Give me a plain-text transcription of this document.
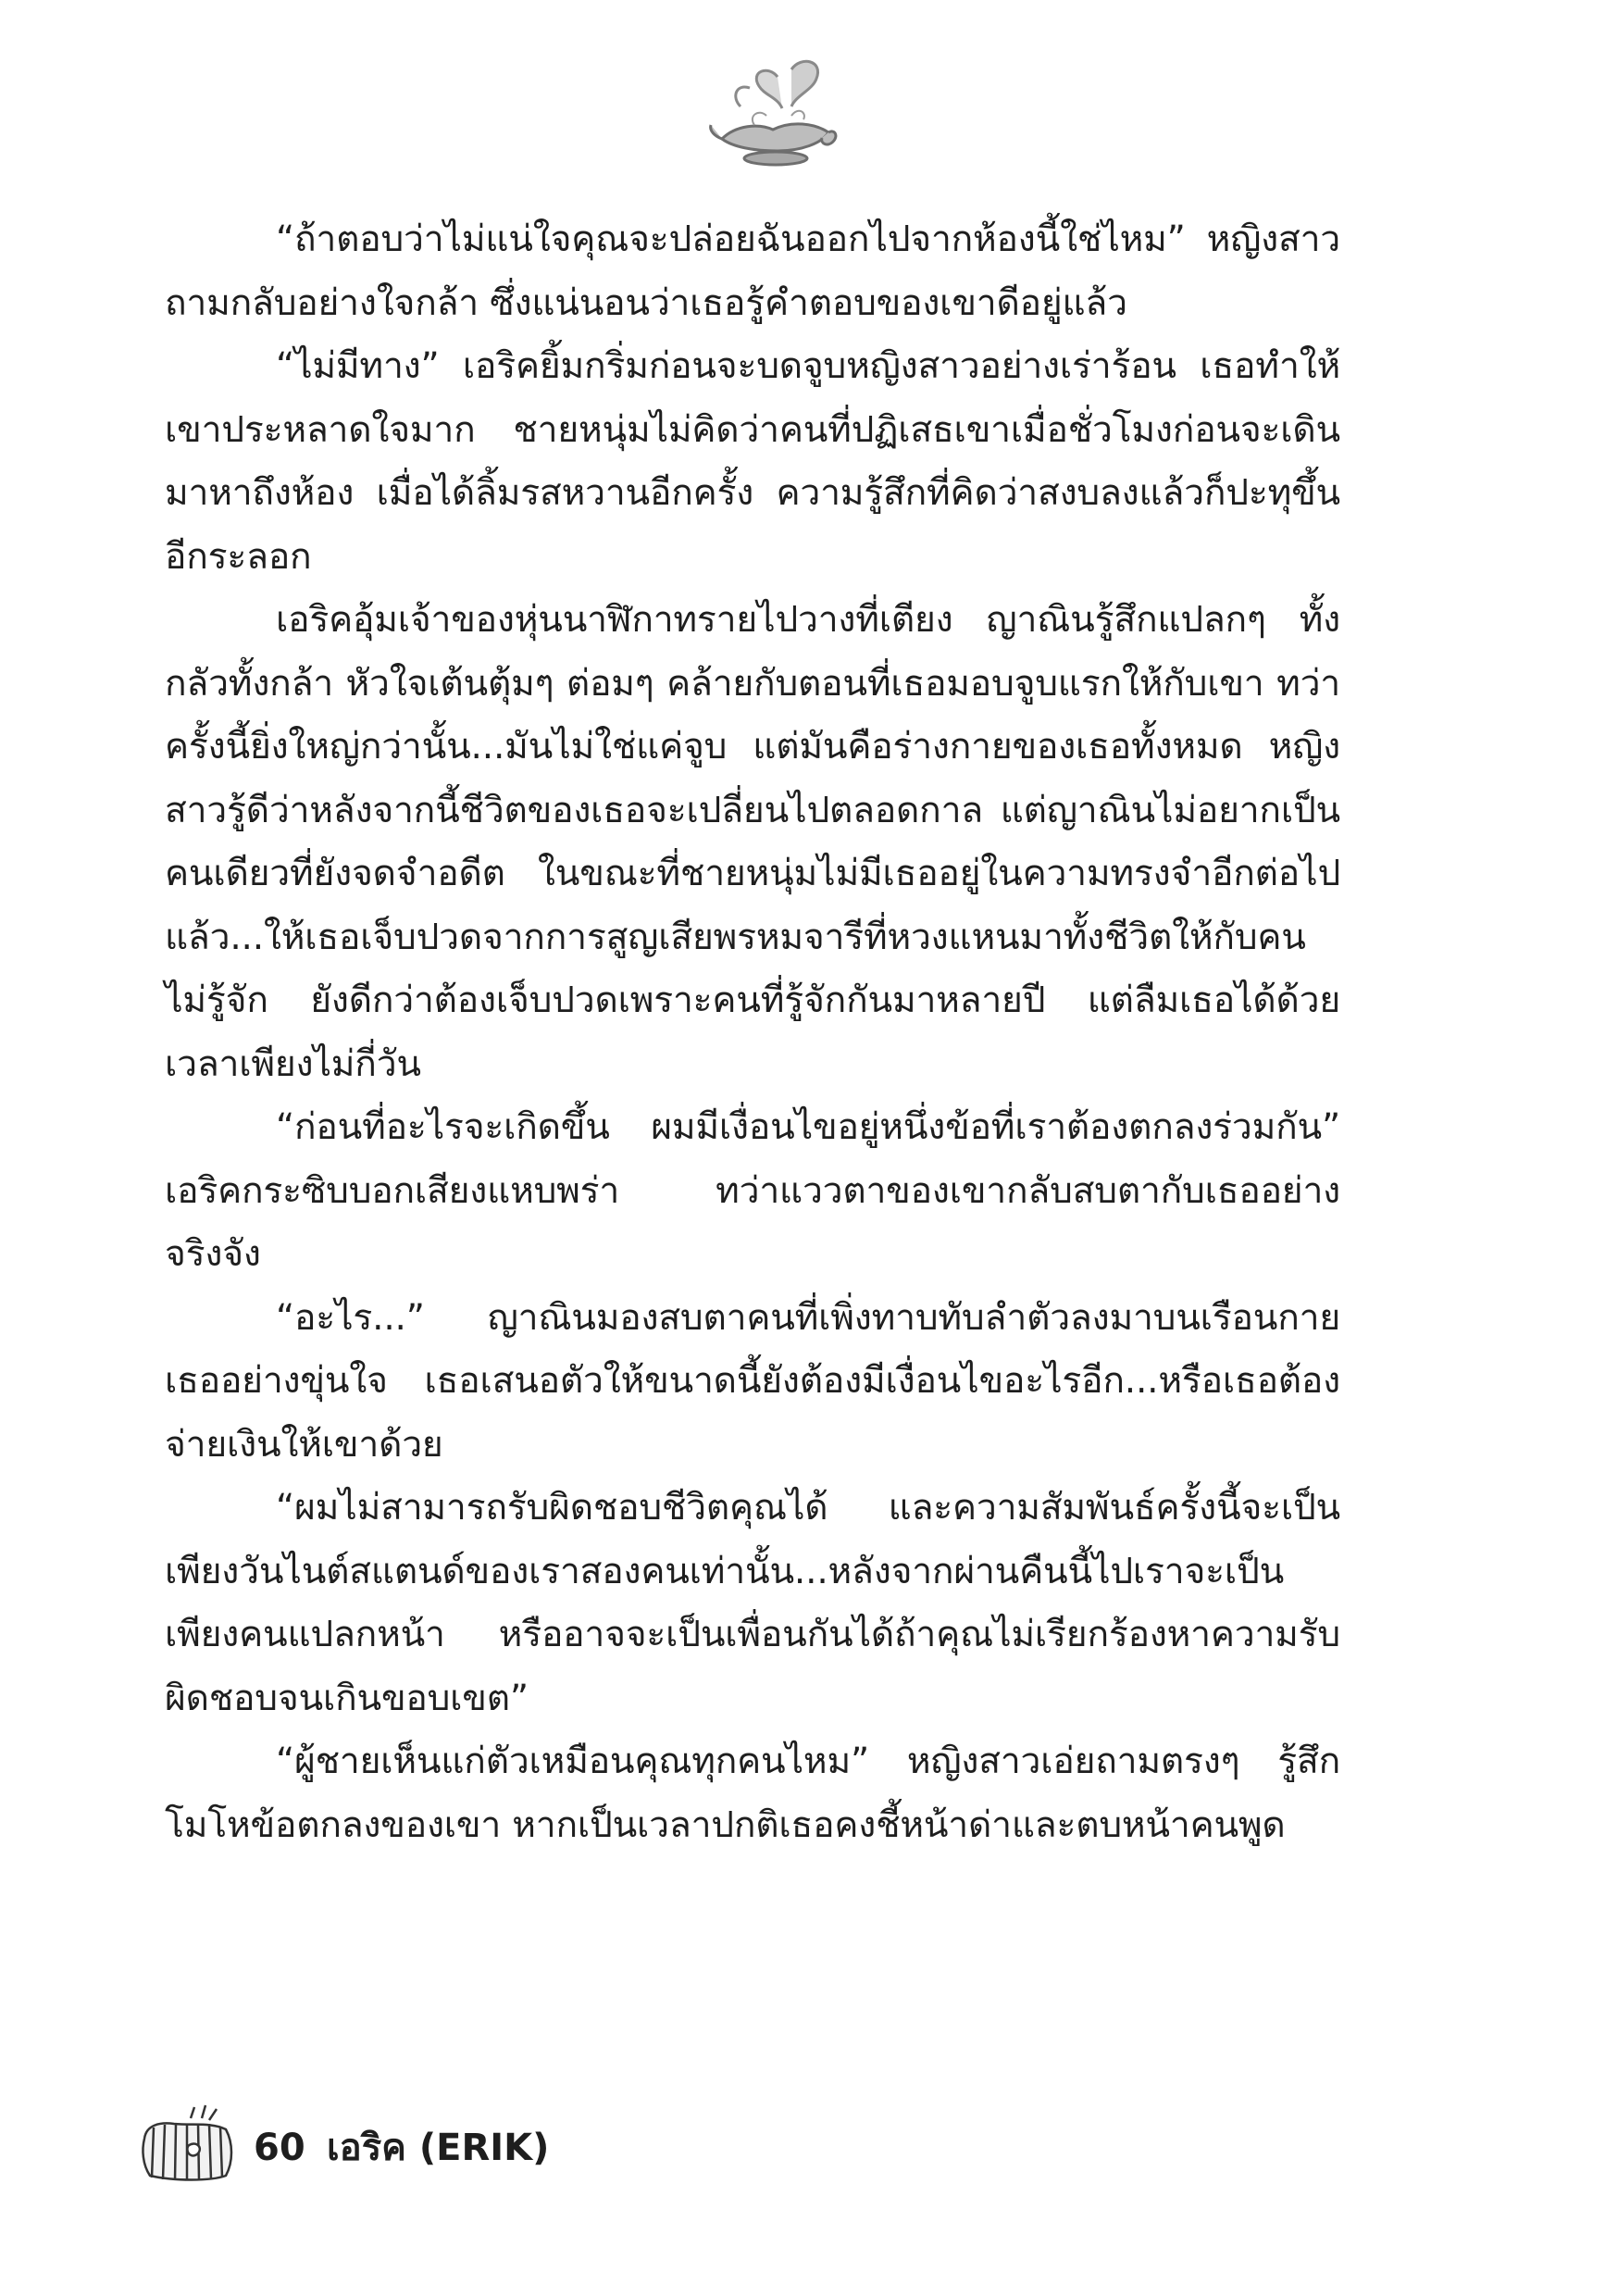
“ถ้าตอบว่าไม่แน่ใจคุณจะปล่อยฉันออกไปจากห้องนี้ใช่ไหม” หญิงสาวถามกลับอย่างใจกล้า ซึ่งแน่นอนว่าเธอรู้คำตอบของเขาดีอยู่แล้ว

“ไม่มีทาง” เอริคยิ้มกริ่มก่อนจะบดจูบหญิงสาวอย่างเร่าร้อน เธอทำให้เขาประหลาดใจมาก ชายหนุ่มไม่คิดว่าคนที่ปฏิเสธเขาเมื่อชั่วโมงก่อนจะเดินมาหาถึงห้อง เมื่อได้ลิ้มรสหวานอีกครั้ง ความรู้สึกที่คิดว่าสงบลงแล้วก็ปะทุขึ้นอีกระลอก

เอริคอุ้มเจ้าของหุ่นนาฬิกาทรายไปวางที่เตียง ญาณินรู้สึกแปลกๆ ทั้งกลัวทั้งกล้า หัวใจเต้นตุ้มๆ ต่อมๆ คล้ายกับตอนที่เธอมอบจูบแรกให้กับเขา ทว่าครั้งนี้ยิ่งใหญ่กว่านั้น...มันไม่ใช่แค่จูบ แต่มันคือร่างกายของเธอทั้งหมด หญิงสาวรู้ดีว่าหลังจากนี้ชีวิตของเธอจะเปลี่ยนไปตลอดกาล แต่ญาณินไม่อยากเป็นคนเดียวที่ยังจดจำอดีต ในขณะที่ชายหนุ่มไม่มีเธออยู่ในความทรงจำอีกต่อไปแล้ว...ให้เธอเจ็บปวดจากการสูญเสียพรหมจารีที่หวงแหนมาทั้งชีวิตให้กับคนไม่รู้จัก ยังดีกว่าต้องเจ็บปวดเพราะคนที่รู้จักกันมาหลายปี แต่ลืมเธอได้ด้วยเวลาเพียงไม่กี่วัน

“ก่อนที่อะไรจะเกิดขึ้น ผมมีเงื่อนไขอยู่หนึ่งข้อที่เราต้องตกลงร่วมกัน” เอริคกระซิบบอกเสียงแหบพร่า ทว่าแววตาของเขากลับสบตากับเธออย่างจริงจัง

“อะไร...” ญาณินมองสบตาคนที่เพิ่งทาบทับลำตัวลงมาบนเรือนกายเธออย่างขุ่นใจ เธอเสนอตัวให้ขนาดนี้ยังต้องมีเงื่อนไขอะไรอีก...หรือเธอต้องจ่ายเงินให้เขาด้วย

“ผมไม่สามารถรับผิดชอบชีวิตคุณได้ และความสัมพันธ์ครั้งนี้จะเป็นเพียงวันไนต์สแตนด์ของเราสองคนเท่านั้น...หลังจากผ่านคืนนี้ไปเราจะเป็นเพียงคนแปลกหน้า หรืออาจจะเป็นเพื่อนกันได้ถ้าคุณไม่เรียกร้องหาความรับผิดชอบจนเกินขอบเขต”

“ผู้ชายเห็นแก่ตัวเหมือนคุณทุกคนไหม” หญิงสาวเอ่ยถามตรงๆ รู้สึกโมโหข้อตกลงของเขา หากเป็นเวลาปกติเธอคงชี้หน้าด่าและตบหน้าคนพูด

60 เอริค (ERIK)
